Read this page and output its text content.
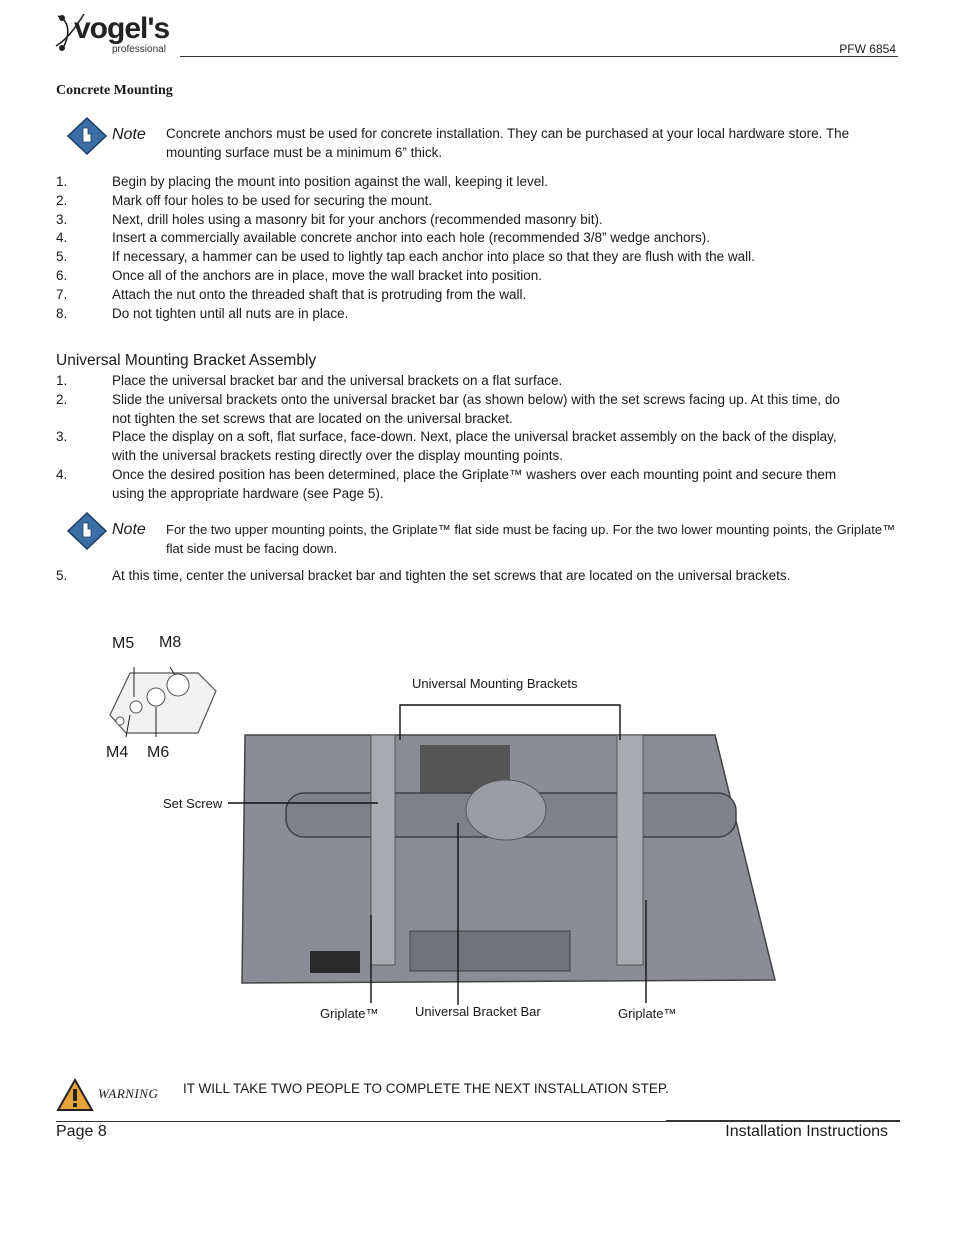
vogel's
professional	PFW 6854
Concrete Mounting
Note Concrete anchors must be used for concrete installation. They can be purchased at your local hardware store. The mounting surface must be a minimum 6” thick.
1.	Begin by placing the mount into position against the wall, keeping it level.
2.	Mark off four holes to be used for securing the mount.
3.	Next, drill holes using a masonry bit for your anchors (recommended masonry bit).
4.	Insert a commercially available concrete anchor into each hole (recommended 3/8” wedge anchors).
5.	If necessary, a hammer can be used to lightly tap each anchor into place so that they are flush with the wall.
6.	Once all of the anchors are in place, move the wall bracket into position.
7.	Attach the nut onto the threaded shaft that is protruding from the wall.
8.	Do not tighten until all nuts are in place.
Universal Mounting Bracket Assembly
1.	Place the universal bracket bar and the universal brackets on a flat surface.
2.	Slide the universal brackets onto the universal bracket bar (as shown below) with the set screws facing up. At this time, do not tighten the set screws that are located on the universal bracket.
3.	Place the display on a soft, flat surface, face-down. Next, place the universal bracket assembly on the back of the display, with the universal brackets resting directly over the display mounting points.
4.	Once the desired position has been determined, place the Griplate™ washers over each mounting point and secure them using the appropriate hardware (see Page 5).
Note For the two upper mounting points, the Griplate™ flat side must be facing up. For the two lower mounting points, the Griplate™ flat side must be facing down.
5.	At this time, center the universal bracket bar and tighten the set screws that are located on the universal brackets.
M5 M8
M4 M6
Universal Mounting Brackets
Set Screw
Griplate™	Universal Bracket Bar	Griplate™
WARNING IT WILL TAKE TWO PEOPLE TO COMPLETE THE NEXT INSTALLATION STEP.
Page 8	Installation Instructions
